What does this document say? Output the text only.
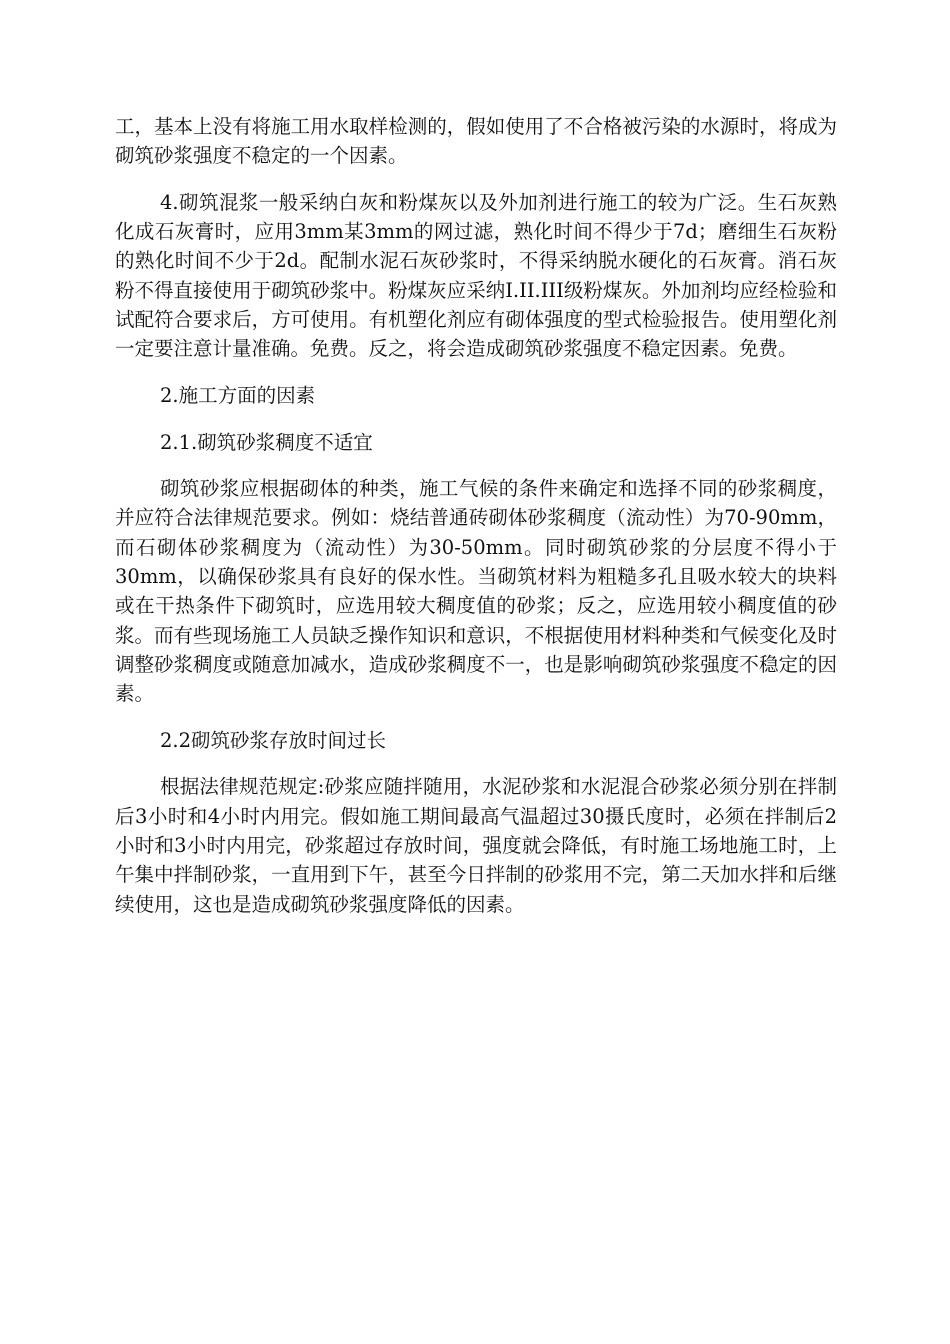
工，基本上没有将施工用水取样检测的，假如使用了不合格被污染的水源时，将成为砌筑砂浆强度不稳定的一个因素。

4.砌筑混浆一般采纳白灰和粉煤灰以及外加剂进行施工的较为广泛。生石灰熟化成石灰膏时，应用3mm某3mm的网过滤，熟化时间不得少于7d；磨细生石灰粉的熟化时间不少于2d。配制水泥石灰砂浆时，不得采纳脱水硬化的石灰膏。消石灰粉不得直接使用于砌筑砂浆中。粉煤灰应采纳I.II.III级粉煤灰。外加剂均应经检验和试配符合要求后，方可使用。有机塑化剂应有砌体强度的型式检验报告。使用塑化剂一定要注意计量准确。免费。反之，将会造成砌筑砂浆强度不稳定因素。免费。

2.施工方面的因素

2.1.砌筑砂浆稠度不适宜

砌筑砂浆应根据砌体的种类，施工气候的条件来确定和选择不同的砂浆稠度，并应符合法律规范要求。例如：烧结普通砖砌体砂浆稠度（流动性）为70-90mm，而石砌体砂浆稠度为（流动性）为30-50mm。同时砌筑砂浆的分层度不得小于30mm，以确保砂浆具有良好的保水性。当砌筑材料为粗糙多孔且吸水较大的块料或在干热条件下砌筑时，应选用较大稠度值的砂浆；反之，应选用较小稠度值的砂浆。而有些现场施工人员缺乏操作知识和意识，不根据使用材料种类和气候变化及时调整砂浆稠度或随意加减水，造成砂浆稠度不一，也是影响砌筑砂浆强度不稳定的因素。

2.2砌筑砂浆存放时间过长

根据法律规范规定:砂浆应随拌随用，水泥砂浆和水泥混合砂浆必须分别在拌制后3小时和4小时内用完。假如施工期间最高气温超过30摄氏度时，必须在拌制后2小时和3小时内用完，砂浆超过存放时间，强度就会降低，有时施工场地施工时，上午集中拌制砂浆，一直用到下午，甚至今日拌制的砂浆用不完，第二天加水拌和后继续使用，这也是造成砌筑砂浆强度降低的因素。
